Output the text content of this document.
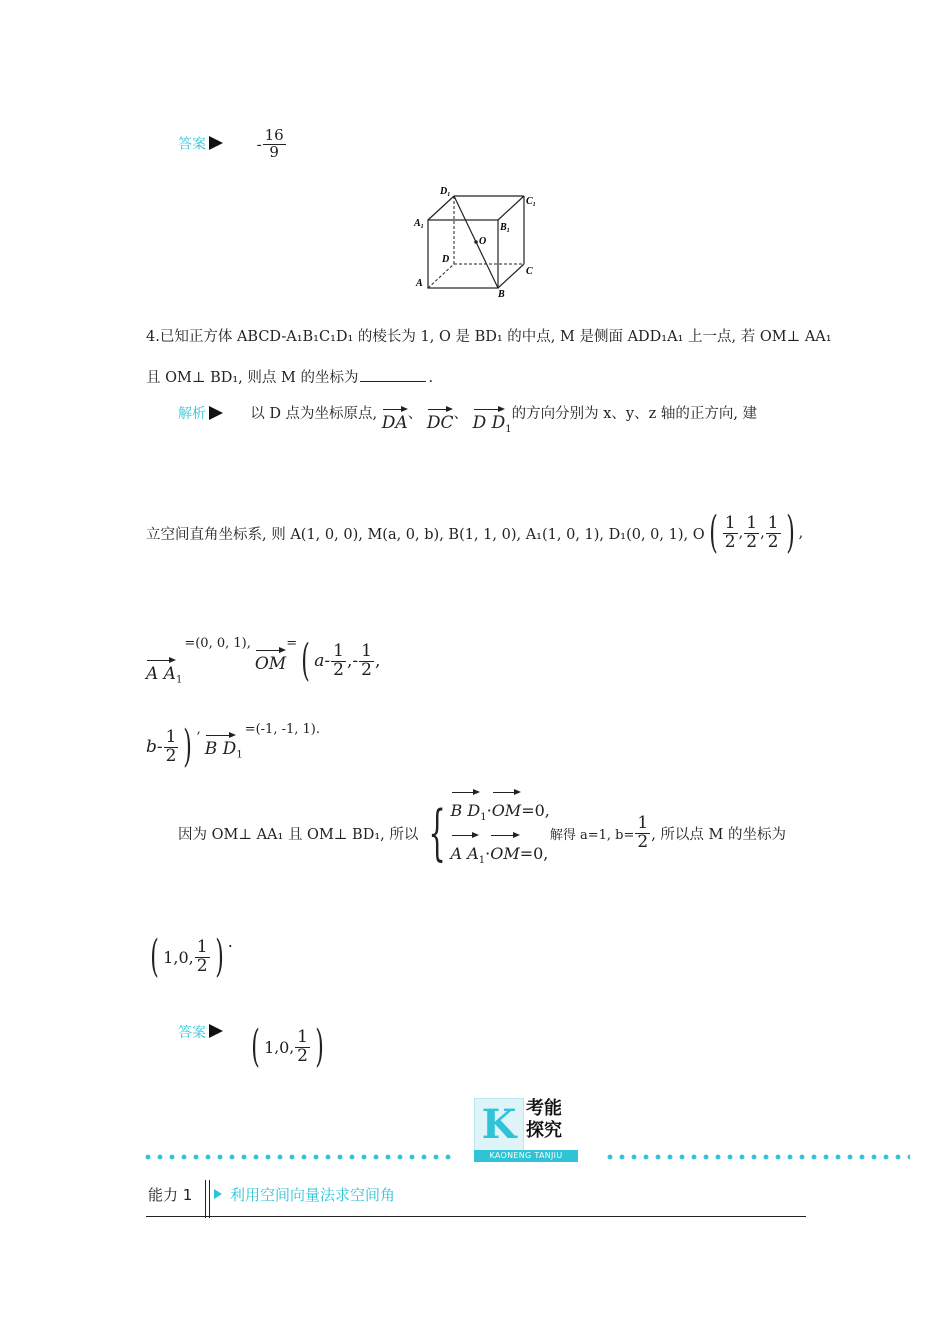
答案	- $\frac{16}{9}$
$D_1$
$C_1$
$A_1$	$B_1$
O
D
C
A
B
4.已知正方体 ABCD-A₁B₁C₁D₁ 的棱长为 1, O 是 BD₁ 的中点, M 是侧面 ADD₁A₁ 上一点, 若 OM⊥ AA₁
且 OM⊥ BD₁, 则点 M 的坐标为	.
解析	以 D 点为坐标原点, DA、 DC、 D $D_1$的方向分别为 x、y、z 轴的正方向, 建
立空间直角坐标系, 则 A(1, 0, 0), M(a, 0, b), B(1, 1, 0), A₁(1, 0, 1), D₁(0, 0, 1), O ( $\frac{1}{2}$ , $\frac{1}{2}$ , $\frac{1}{2}$ ) ,
A $A_1$
=(0, 0, 1),
OM
= ( $a- \frac{1}{2}$ ,- $\frac{1}{2}$ ,
$b- \frac{1}{2}$ ) ,
B $D_1$
=(-1, -1, 1).
因为 OM⊥ AA₁ 且 OM⊥ BD₁, 所以 { B $D_1\cdot OM=0$,
A $A_1\cdot OM=0$,
解得 a=1, $b= \frac{1}{2}$ , 所以点 M 的坐标为
( 1 , 0 , $\frac{1}{2}$ ) .
答案 ( 1 , 0 , $\frac{1}{2}$ )
K 考能
探究
KAONENG TANJIU
能力 1	利用空间向量法求空间角
